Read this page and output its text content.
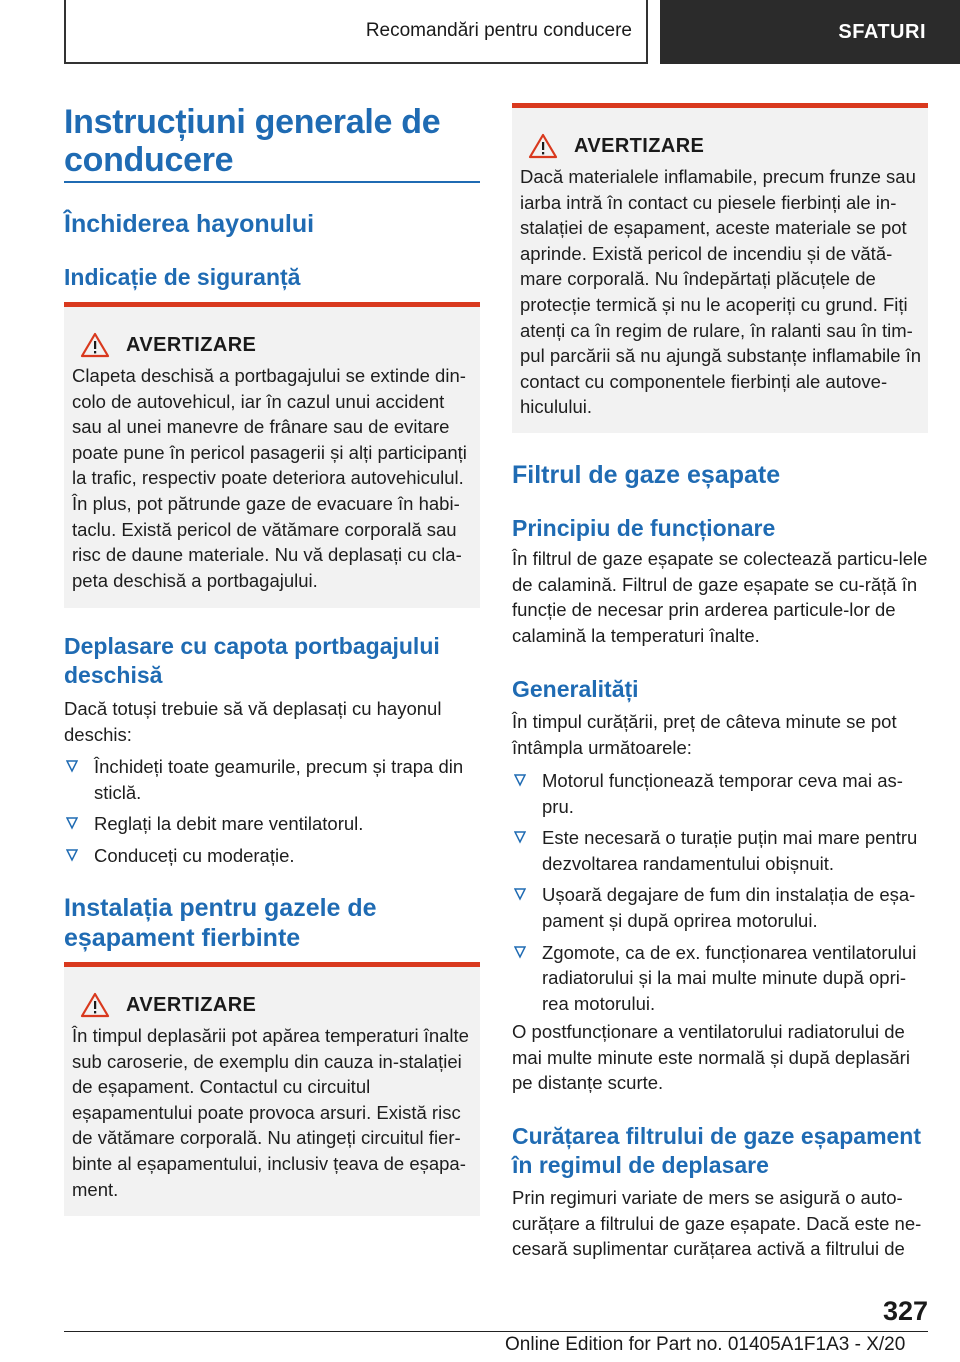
Recomandări pentru conducere	SFATURI
Instrucțiuni generale de conducere
Închiderea hayonului
Indicație de siguranță
AVERTIZARE
Clapeta deschisă a portbagajului se extinde din-colo de autovehicul, iar în cazul unui accident sau al unei manevre de frânare sau de evitare poate pune în pericol pasagerii și alți participanți la trafic, respectiv poate deteriora autovehiculul. În plus, pot pătrunde gaze de evacuare în habi-taclu. Există pericol de vătămare corporală sau risc de daune materiale. Nu vă deplasați cu cla-peta deschisă a portbagajului.
Deplasare cu capota portbagajului deschisă
Dacă totuși trebuie să vă deplasați cu hayonul deschis:
Închideți toate geamurile, precum și trapa din sticlă.
Reglați la debit mare ventilatorul.
Conduceți cu moderație.
Instalația pentru gazele de eșapament fierbinte
AVERTIZARE
În timpul deplasării pot apărea temperaturi înalte sub caroserie, de exemplu din cauza in-stalației de eșapament. Contactul cu circuitul eșapamentului poate provoca arsuri. Există risc de vătămare corporală. Nu atingeți circuitul fier-binte al eșapamentului, inclusiv țeava de eșapa-ment.
AVERTIZARE
Dacă materialele inflamabile, precum frunze sau iarba intră în contact cu piesele fierbinți ale in-stalației de eșapament, aceste materiale se pot aprinde. Există pericol de incendiu și de vătă-mare corporală. Nu îndepărtați plăcuțele de protecție termică și nu le acoperiți cu grund. Fiți atenți ca în regim de rulare, în ralanti sau în tim-pul parcării să nu ajungă substanțe inflamabile în contact cu componentele fierbinți ale autove-hiculului.
Filtrul de gaze eșapate
Principiu de funcționare
În filtrul de gaze eșapate se colectează particu-lele de calamină. Filtrul de gaze eșapate se cu-răță în funcție de necesar prin arderea particule-lor de calamină la temperaturi înalte.
Generalități
În timpul curățării, preț de câteva minute se pot întâmpla următoarele:
Motorul funcționează temporar ceva mai as-pru.
Este necesară o turație puțin mai mare pentru dezvoltarea randamentului obișnuit.
Ușoară degajare de fum din instalația de eșa-pament și după oprirea motorului.
Zgomote, ca de ex. funcționarea ventilatorului radiatorului și la mai multe minute după opri-rea motorului.
O postfuncționare a ventilatorului radiatorului de mai multe minute este normală și după deplasări pe distanțe scurte.
Curățarea filtrului de gaze eșapament în regimul de deplasare
Prin regimuri variate de mers se asigură o auto-curățare a filtrului de gaze eșapate. Dacă este ne-cesară suplimentar curățarea activă a filtrului de
327
Online Edition for Part no. 01405A1F1A3 - X/20
